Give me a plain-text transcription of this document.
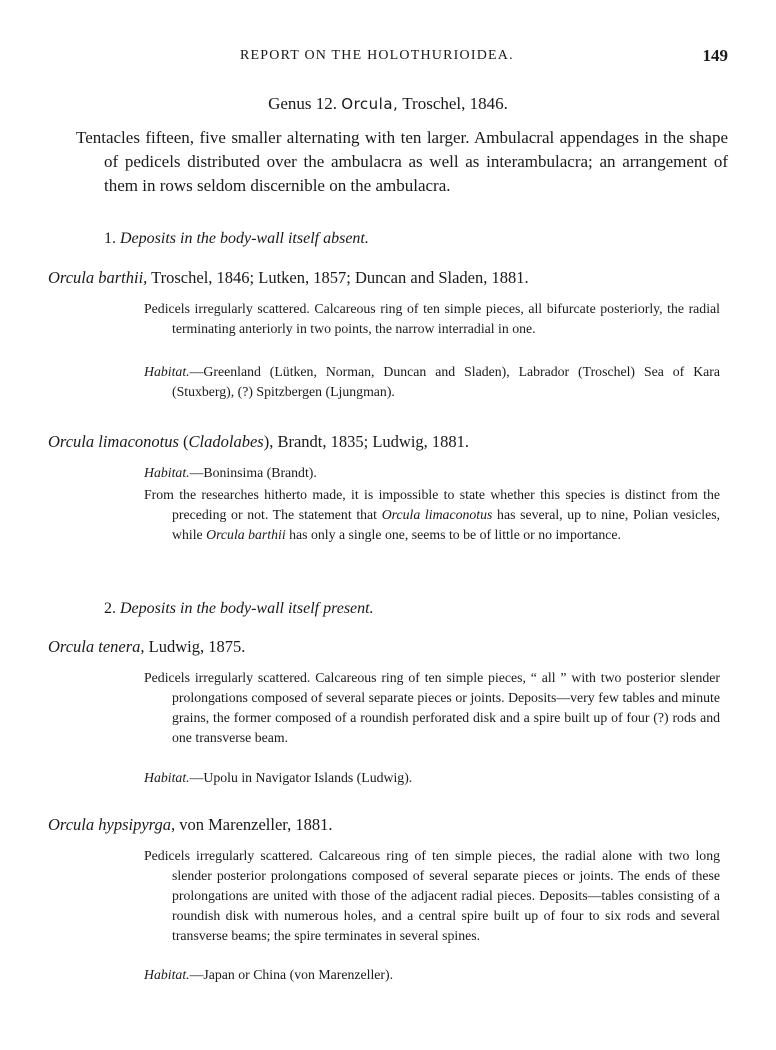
REPORT ON THE HOLOTHURIOIDEA.	149
Genus 12. Orcula, Troschel, 1846.
Tentacles fifteen, five smaller alternating with ten larger. Ambulacral appendages in the shape of pedicels distributed over the ambulacra as well as interambulacra; an arrangement of them in rows seldom discernible on the ambulacra.
1. Deposits in the body-wall itself absent.
Orcula barthii, Troschel, 1846; Lutken, 1857; Duncan and Sladen, 1881.
Pedicels irregularly scattered. Calcareous ring of ten simple pieces, all bifurcate posteriorly, the radial terminating anteriorly in two points, the narrow interradial in one.
Habitat.—Greenland (Lütken, Norman, Duncan and Sladen), Labrador (Troschel) Sea of Kara (Stuxberg), (?) Spitzbergen (Ljungman).
Orcula limaconotus (Cladolabes), Brandt, 1835; Ludwig, 1881.
Habitat.—Boninsima (Brandt).
From the researches hitherto made, it is impossible to state whether this species is distinct from the preceding or not. The statement that Orcula limaconotus has several, up to nine, Polian vesicles, while Orcula barthii has only a single one, seems to be of little or no importance.
2. Deposits in the body-wall itself present.
Orcula tenera, Ludwig, 1875.
Pedicels irregularly scattered. Calcareous ring of ten simple pieces, “ all ” with two posterior slender prolongations composed of several separate pieces or joints. Deposits—very few tables and minute grains, the former composed of a roundish perforated disk and a spire built up of four (?) rods and one transverse beam.
Habitat.—Upolu in Navigator Islands (Ludwig).
Orcula hypsipyrga, von Marenzeller, 1881.
Pedicels irregularly scattered. Calcareous ring of ten simple pieces, the radial alone with two long slender posterior prolongations composed of several separate pieces or joints. The ends of these prolongations are united with those of the adjacent radial pieces. Deposits—tables consisting of a roundish disk with numerous holes, and a central spire built up of four to six rods and several transverse beams; the spire terminates in several spines.
Habitat.—Japan or China (von Marenzeller).
